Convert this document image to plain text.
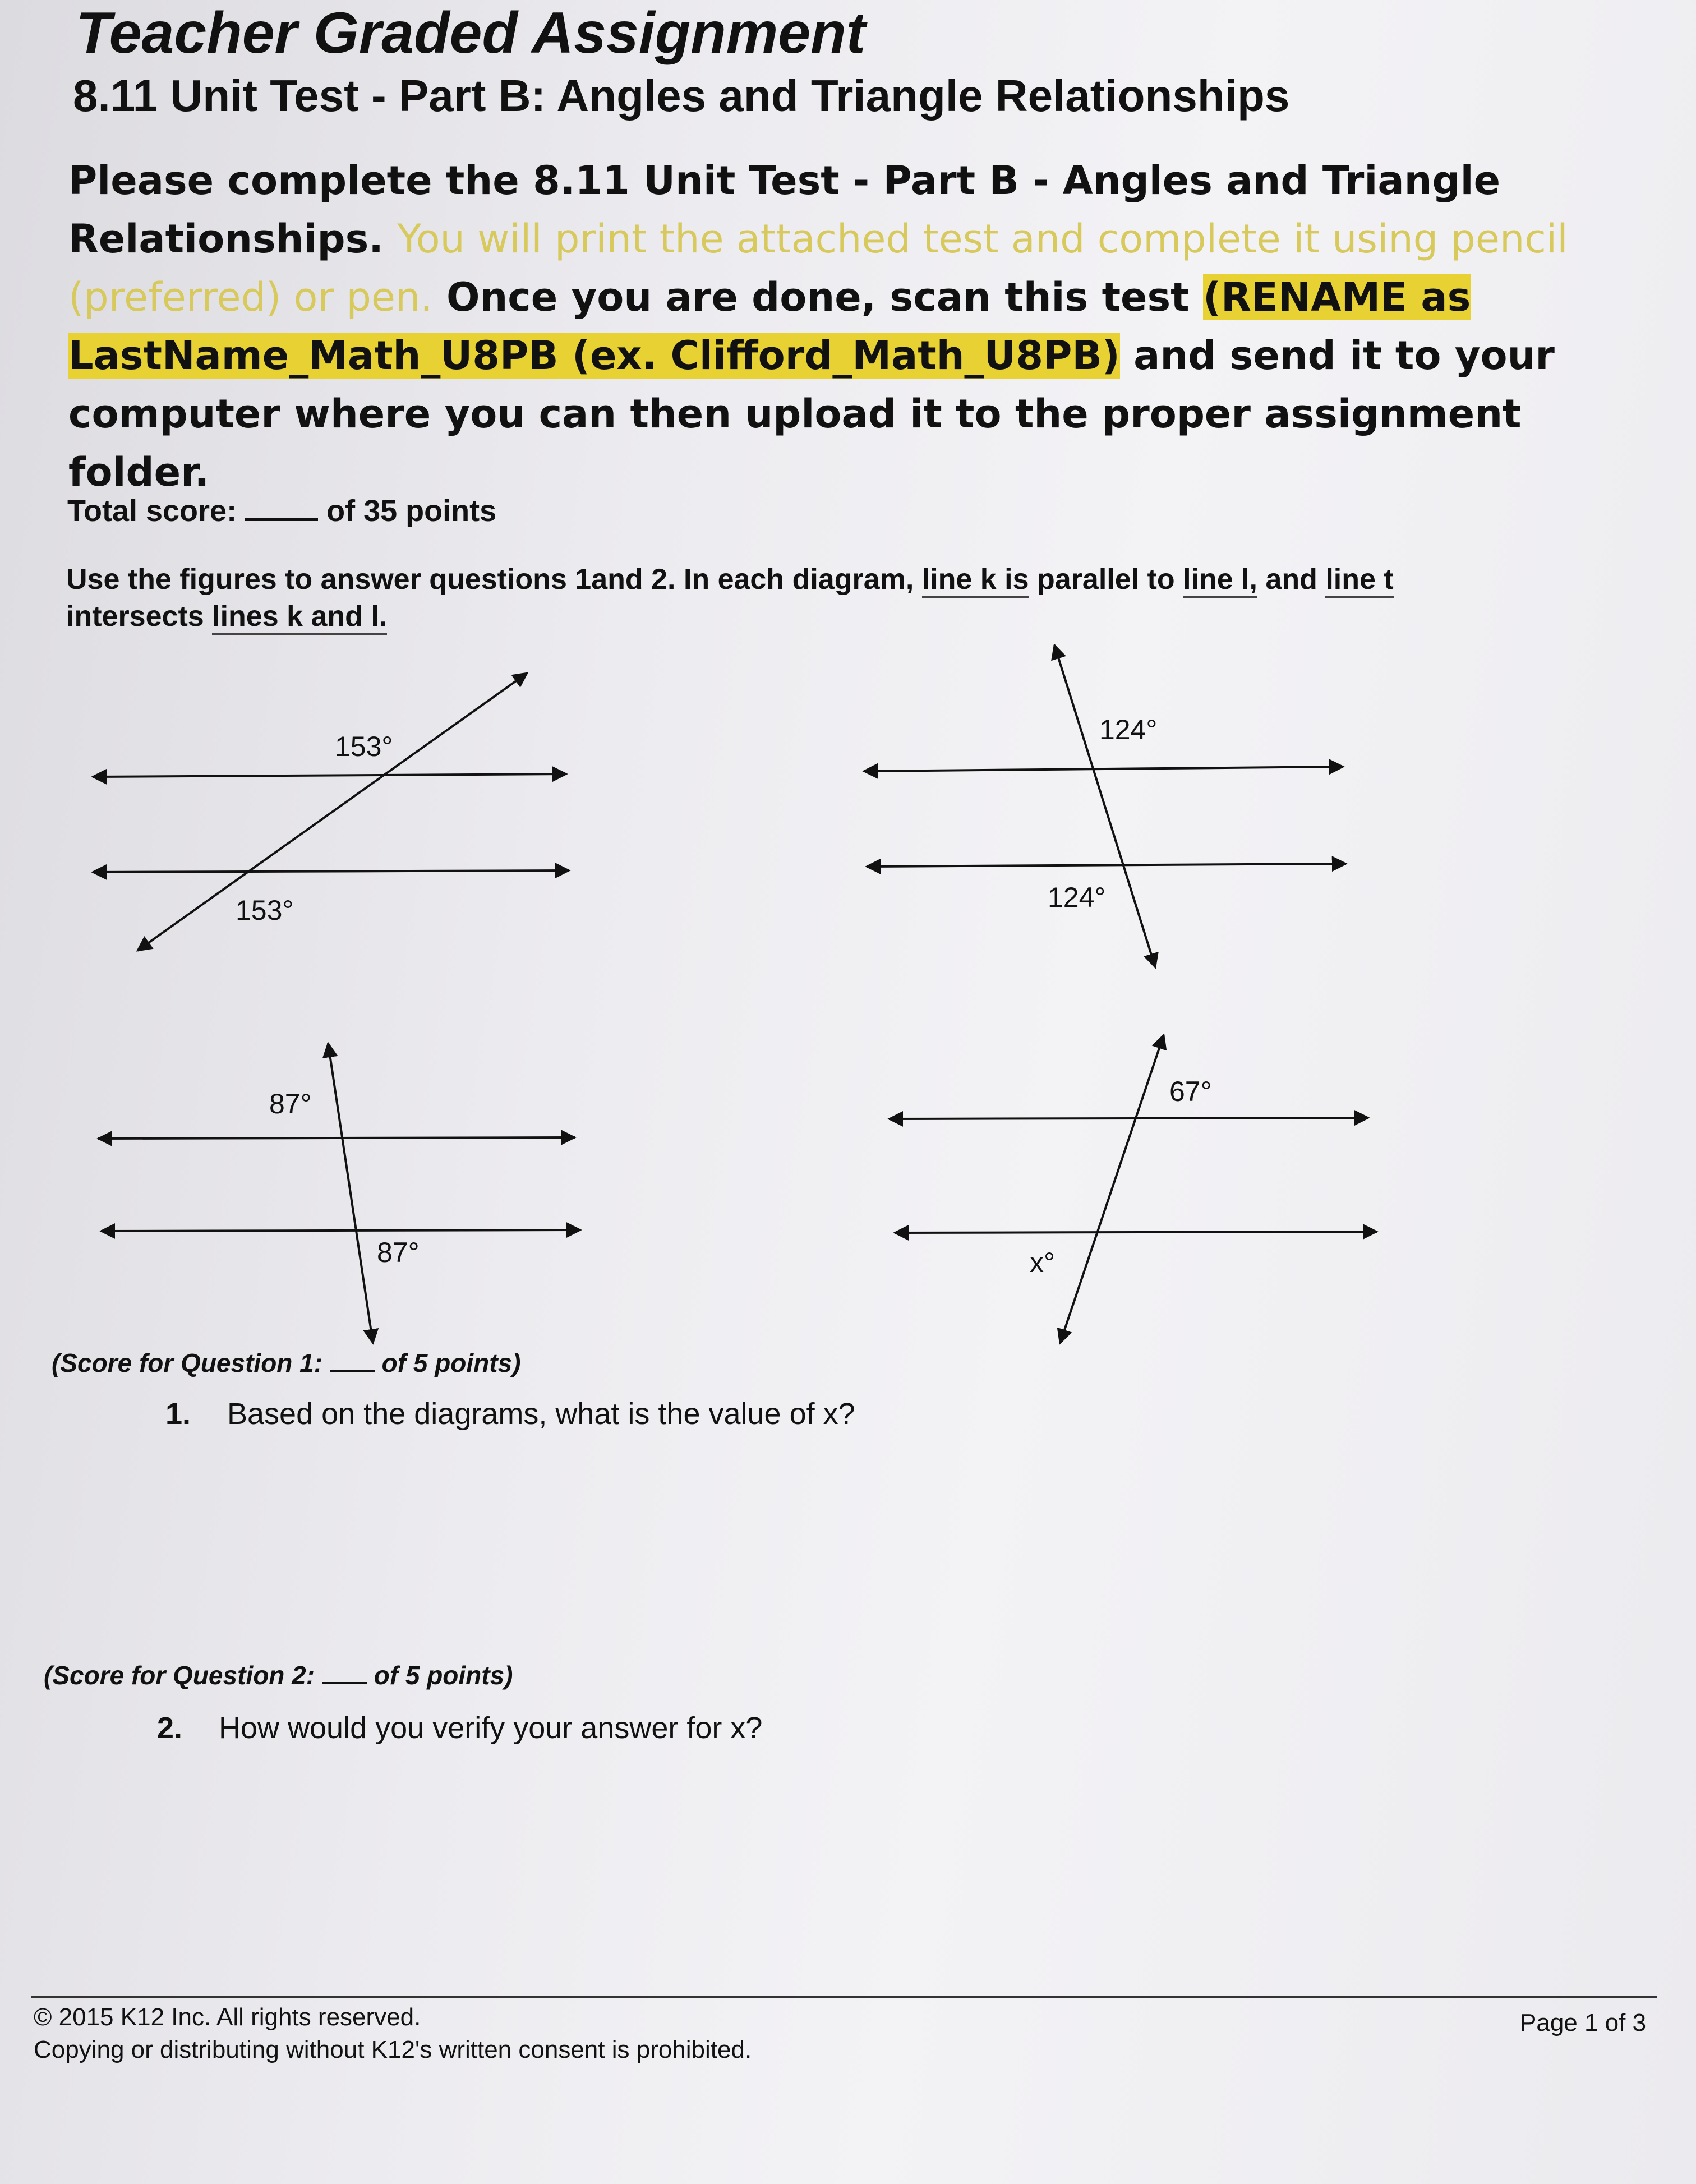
Teacher Graded Assignment
8.11 Unit Test - Part B: Angles and Triangle Relationships

Please complete the 8.11 Unit Test - Part B - Angles and Triangle Relationships. You will print the attached test and complete it using pencil (preferred) or pen. Once you are done, scan this test (RENAME as LastName_Math_U8PB (ex. Clifford_Math_U8PB) and send it to your computer where you can then upload it to the proper assignment folder.

Total score:	of 35 points

Use the figures to answer questions 1and 2. In each diagram, line k is parallel to line l, and line t
intersects lines k and l.

153°
153°
124°
124°
87°
87°
67°
x°
(Score for Question 1: of 5 points)
1. Based on the diagrams, what is the value of x?
(Score for Question 2: of 5 points)
2. How would you verify your answer for x?
© 2015 K12 Inc. All rights reserved.
Copying or distributing without K12's written consent is prohibited.
Page 1 of 3
